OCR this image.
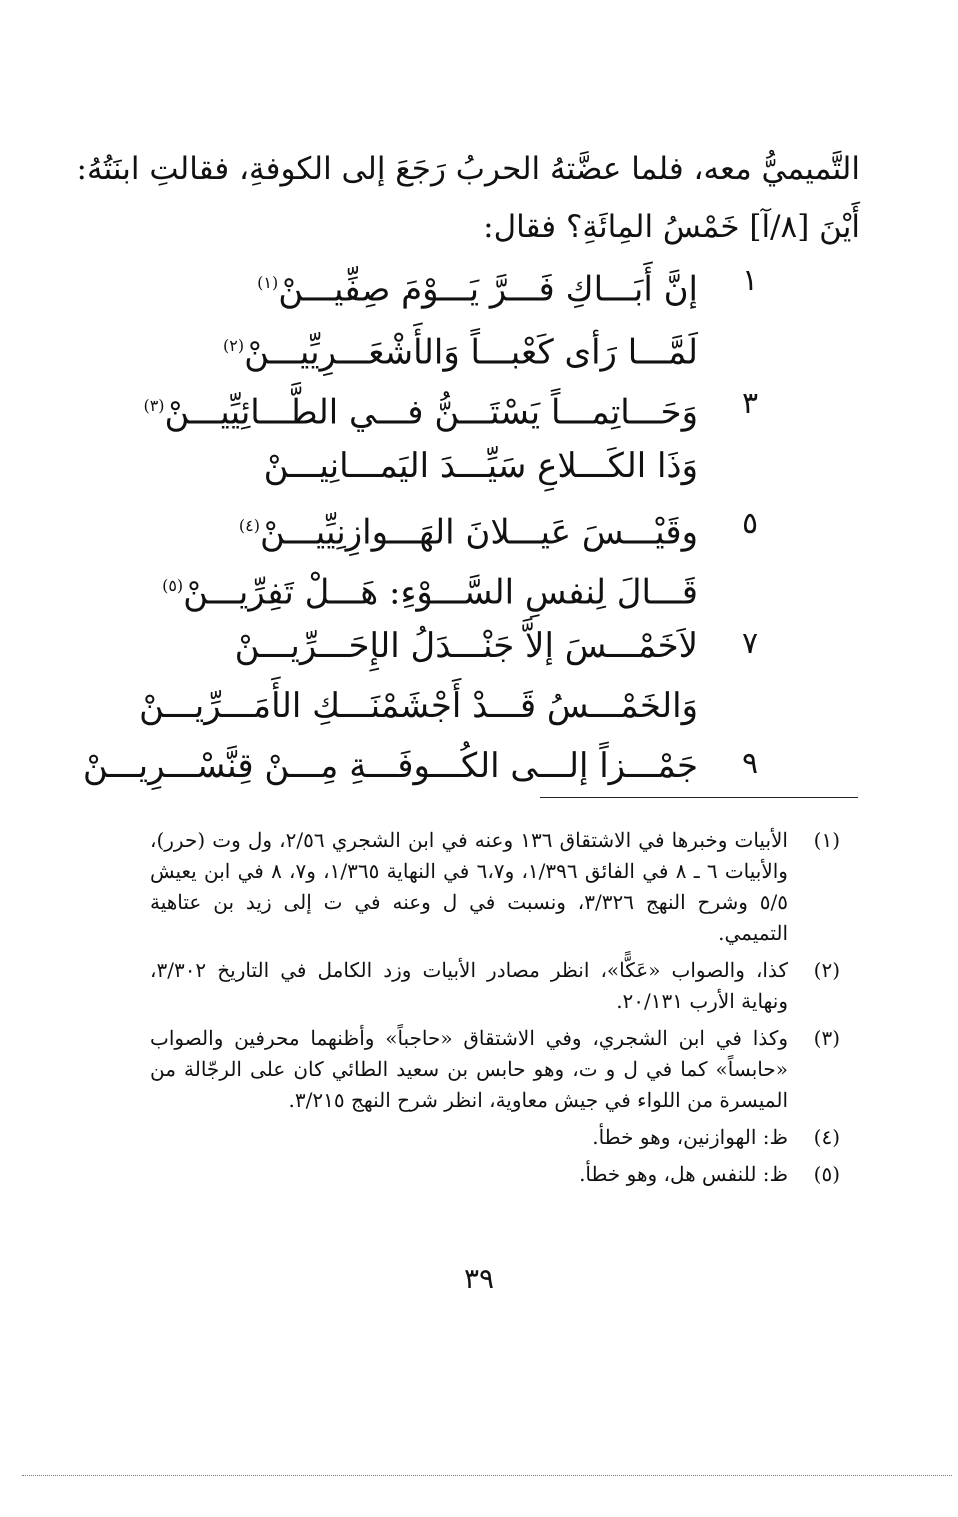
التَّميميُّ معه، فلما عضَّتهُ الحربُ رَجَعَ إلى الكوفةِ، فقالتِ ابنَتُهُ:
أَيْنَ [٨/آ] خَمْسُ المِائَةِ؟ فقال:
١
إنَّ أَبَـــاكِ فَـــرَّ يَـــوْمَ صِفِّيـــنْ$^{(١)}$
لَمَّـــا رَأى كَعْبـــاً وَالأَشْعَـــرِيِّيـــنْ$^{(٢)}$
٣
وَحَـــاتِمـــاً يَسْتَـــنُّ فـــي الطَّـــائِيِّيـــنْ$^{(٣)}$
وَذَا الكَـــلاعِ سَيِّـــدَ اليَمـــانِيـــنْ
٥
وقَيْـــسَ عَيـــلانَ الهَـــوازِنِيِّيـــنْ$^{(٤)}$
قَـــالَ لِنفسِ السَّـــوْءِ: هَـــلْ تَفِرِّيـــنْ$^{(٥)}$
٧
لاَخَمْـــسَ إلاَّ جَنْـــدَلُ الإِحَـــرِّيـــنْ
وَالخَمْـــسُ قَـــدْ أَجْشَمْنَـــكِ الأَمَـــرِّيـــنْ
٩
جَمْـــزاً إلـــى الكُـــوفَـــةِ مِـــنْ قِنَّسْـــرِيـــنْ
(١)
الأبيات وخبرها في الاشتقاق ١٣٦ وعنه في ابن الشجري ٢/٥٦، ول وت (حرر)، والأبيات ٦ ـ ٨ في الفائق ١/٣٩٦، و٦،٧ في النهاية ١/٣٦٥، و٧، ٨ في ابن يعيش ٥/٥ وشرح النهج ٣/٣٢٦، ونسبت في ل وعنه في ت إلى زيد بن عتاهية التميمي.
(٢)
كذا، والصواب «عَكًّا»، انظر مصادر الأبيات وزد الكامل في التاريخ ٣/٣٠٢، ونهاية الأرب ٢٠/١٣١.
(٣)
وكذا في ابن الشجري، وفي الاشتقاق «حاجباً» وأظنهما محرفين والصواب «حابساً» كما في ل و ت، وهو حابس بن سعيد الطائي كان على الرجّالة من الميسرة من اللواء في جيش معاوية، انظر شرح النهج ٣/٢١٥.
(٤)
ظ: الهوازنين، وهو خطأ.
(٥)
ظ: للنفس هل، وهو خطأ.
٣٩
